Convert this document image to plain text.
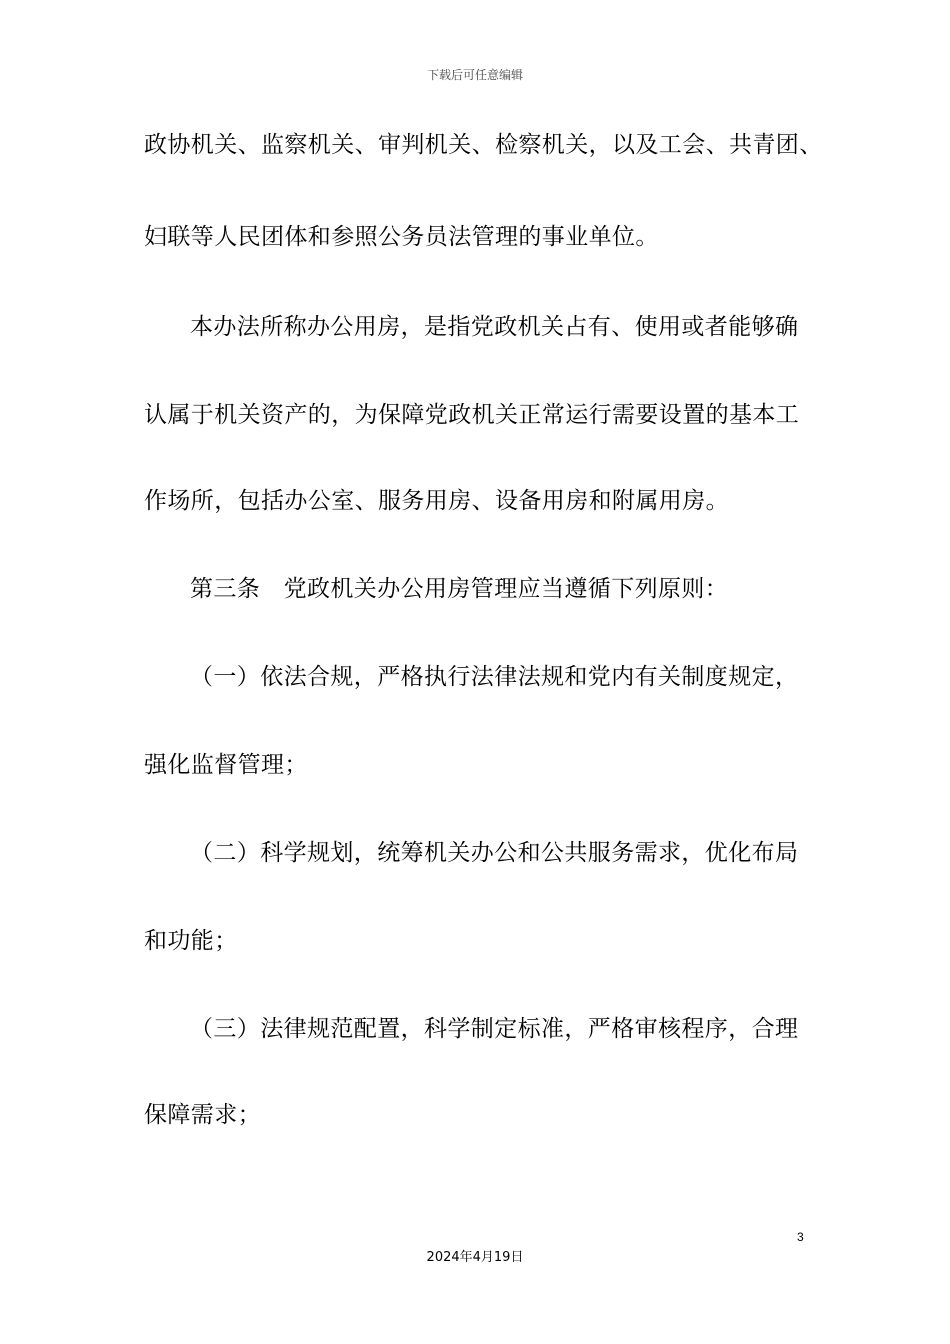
下载后可任意编辑
政协机关、监察机关、审判机关、检察机关，以及工会、共青团、
妇联等人民团体和参照公务员法管理的事业单位。
本办法所称办公用房，是指党政机关占有、使用或者能够确
认属于机关资产的，为保障党政机关正常运行需要设置的基本工
作场所，包括办公室、服务用房、设备用房和附属用房。
第三条　党政机关办公用房管理应当遵循下列原则：
（一）依法合规，严格执行法律法规和党内有关制度规定，
强化监督管理；
（二）科学规划，统筹机关办公和公共服务需求，优化布局
和功能；
（三）法律规范配置，科学制定标准，严格审核程序，合理
保障需求；
3
2024年4月19日
